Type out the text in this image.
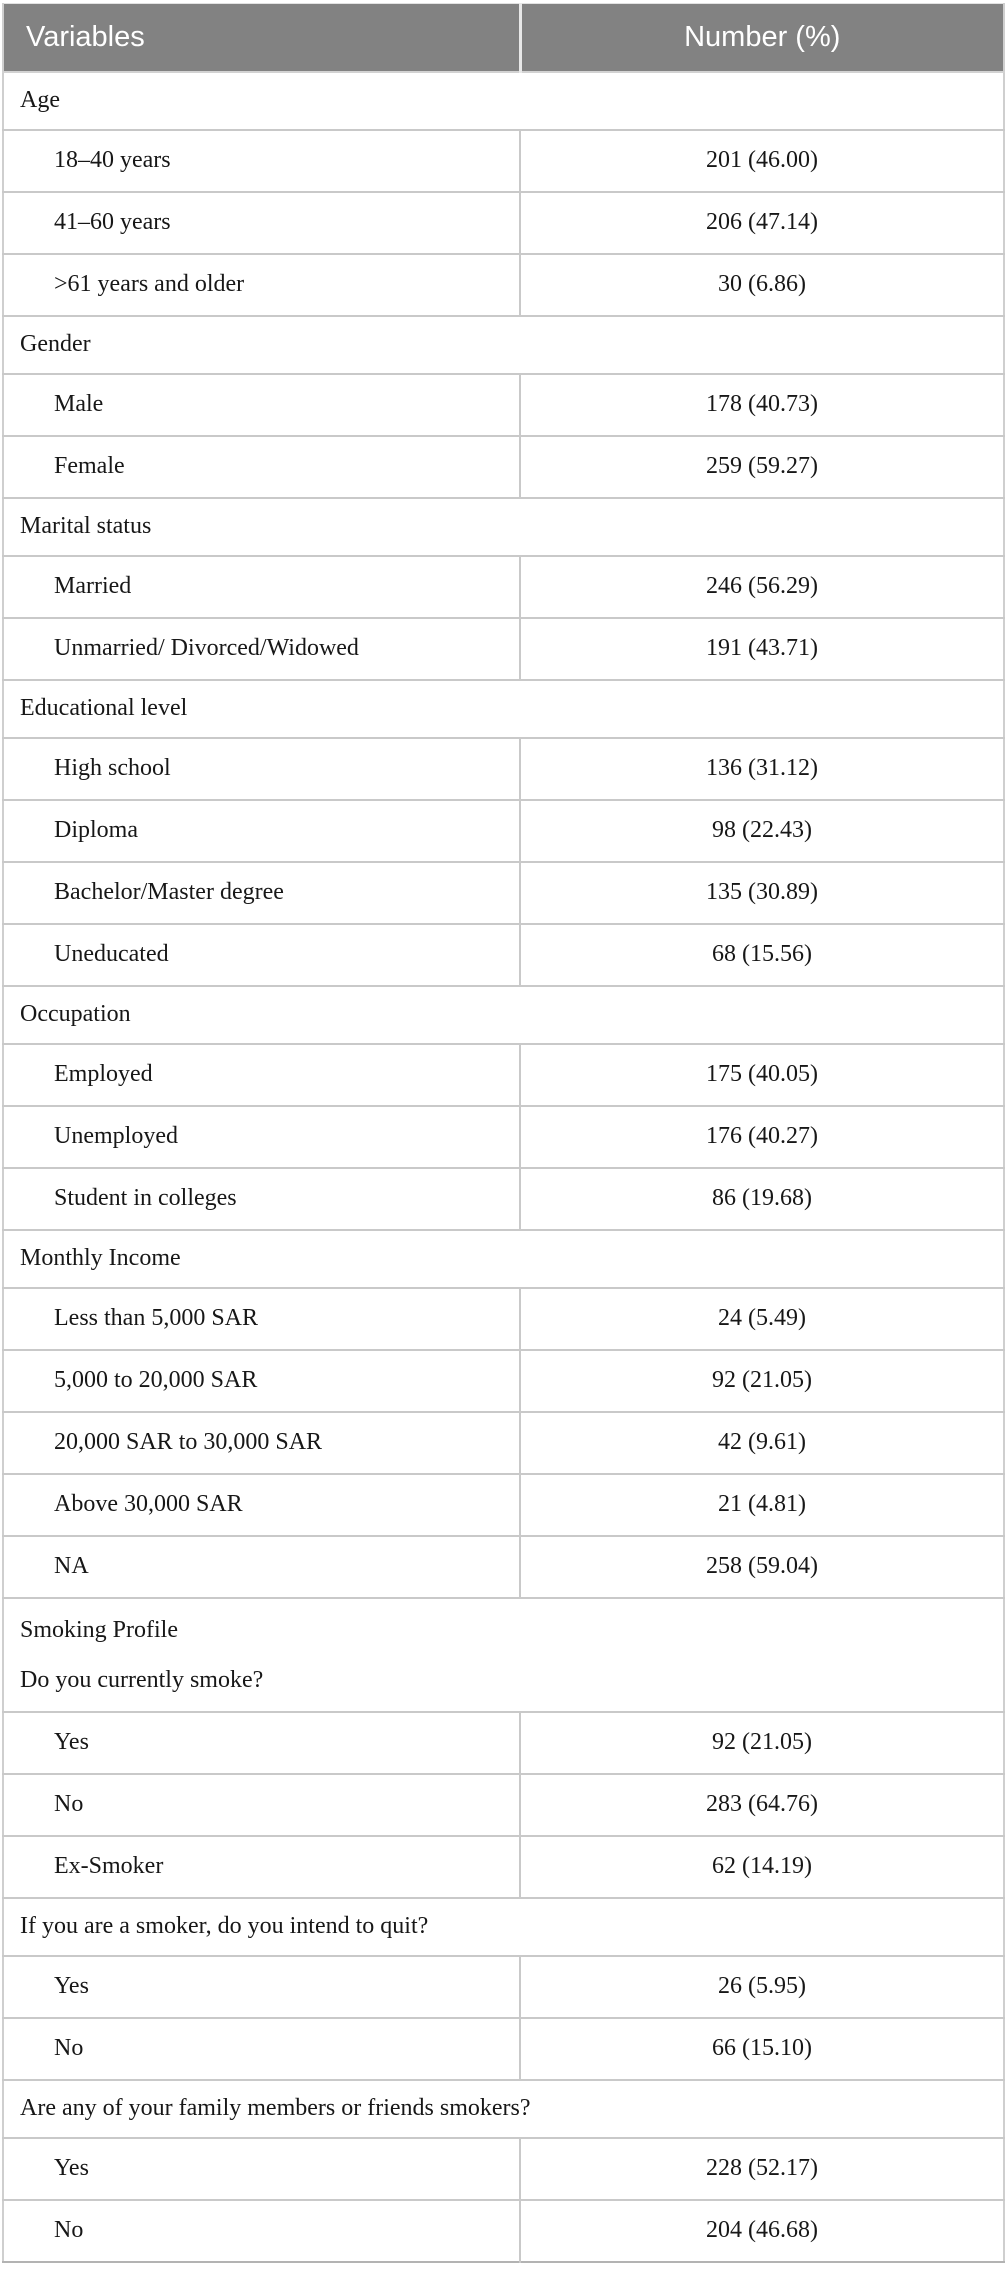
Variables	Number (%)

Age	

18–40 years	201 (46.00)
41–60 years	206 (47.14)
>61 years and older	30 (6.86)

Gender	

Male	178 (40.73)
Female	259 (59.27)

Marital status	

Married	246 (56.29)
Unmarried/ Divorced/Widowed	191 (43.71)

Educational level	

High school	136 (31.12)
Diploma	98 (22.43)
Bachelor/Master degree	135 (30.89)
Uneducated	68 (15.56)

Occupation	

Employed	175 (40.05)
Unemployed	176 (40.27)
Student in colleges	86 (19.68)

Monthly Income	

Less than 5,000 SAR	24 (5.49)
5,000 to 20,000 SAR	92 (21.05)
20,000 SAR to 30,000 SAR	42 (9.61)
Above 30,000 SAR	21 (4.81)
NA	258 (59.04)

Smoking Profile
Do you currently smoke?	

Yes	92 (21.05)
No	283 (64.76)
Ex-Smoker	62 (14.19)

If you are a smoker, do you intend to quit?	

Yes	26 (5.95)
No	66 (15.10)

Are any of your family members or friends smokers?	

Yes	228 (52.17)
No	204 (46.68)
